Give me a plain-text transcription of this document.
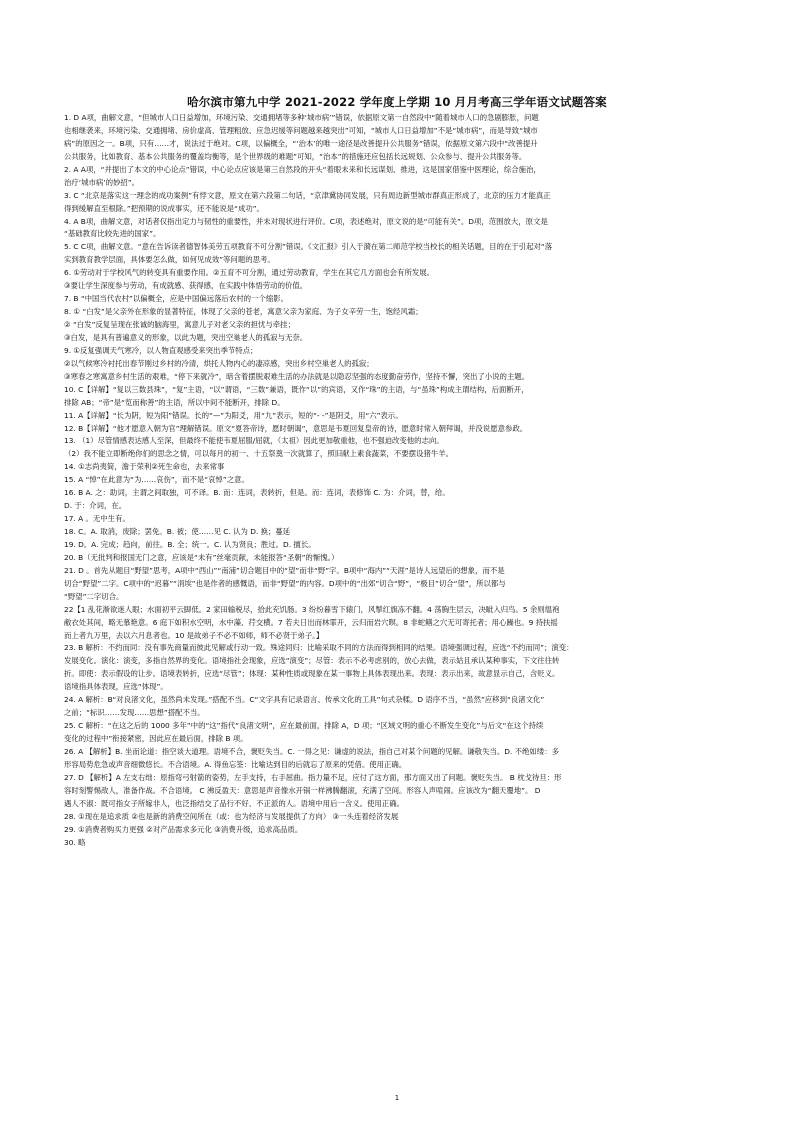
哈尔滨市第九中学 2021-2022 学年度上学期 10 月月考高三学年语文试题答案
1. D A项，曲解文意，“但城市人口日益增加，环境污染、交通拥堵等多种‘城市病’”错误，依据原文第一自然段中“随着城市人口的急剧膨胀，问题
也相继袭来，环境污染、交通拥堵、房价虚高、管理粗放、应急迟缓等问题越来越突出”可知，“城市人口日益增加”不是“城市病”，而是导致“城市
病”的原因之一。B项，只有……才，说法过于绝对。C项，以偏概全，“‘治本’的唯一途径是改善提升公共服务”错误，依据原文第六段中“改善提升
公共服务，比如教育、基本公共服务的覆盖均衡等，是个世界级的难题”可知，“治本”的措施还应包括长远规划、公众参与、提升公共服务等。
2. A A项，“并提出了本文的中心论点”错误，中心论点应该是第三自然段的开头“着眼未来和长远谋划、推进，这是国家借鉴中医理论，综合施治，
治疗‘城市病’的妙招”。
3. C “北京是落实这一理念的成功案例”有悖文意，原文在第六段第二句话，“京津冀协同发展，只有周边新型城市群真正形成了，北京的压力才能真正
得到缓解直至根除。”把预期的说成事实，还不能说是“成功”。
4. A B项，曲解文意，对话者仅指出定力与韧性的重要性，并未对现状进行评价。C项，表述绝对，原文说的是“可能有关”。D项，范围放大，原文是
“基础教育比较先进的国家”。
5. C C项，曲解文意。“意在告诉读者德智体美劳五项教育不可分割”错误。《文汇报》引入于漪在第二师范学校当校长的相关话题，目的在于引起对“落
实到教育教学层面，具体要怎么做，如何见成效”等问题的思考。
6. ①劳动对于学校风气的转变具有重要作用。②五育不可分割，通过劳动教育，学生在其它几方面也会有所发展。
③要让学生深度参与劳动，有成就感、获得感，在实践中体悟劳动的价值。
7. B “中国当代农村”以偏概全，应是中国偏远落后农村的一个缩影。
8. ① “白发”是父亲外在形象的显著特征，体现了父亲的苍老，寓意父亲为家庭、为子女辛劳一生，饱经风霜；
② “白发”反复呈现在张诚的脑海里，寓意儿子对老父亲的担忧与牵挂；
③白发，是具有普遍意义的形象，以此为题，突出空巢老人的孤寂与无奈。
9. ①反复强调天气寒冷，以人物直观感受来突出季节特点；
②以气候寒冷衬托出春节刚过乡村的冷清，烘托人物内心的凄凉感，突出乡村空巢老人的孤寂；
③寒春之寒寓意乡村生活的艰难，“停下来就冷”，暗含着摆脱艰难生活的办法就是以隐忍坚强的态度勤奋劳作，坚持不懈，突出了小说的主题。
10. C【详解】“复以三数县珠”，“复”主语，“以”谓语，“三数”兼语，既作“以”的宾语，又作“珠”的主语，与“虽珠”构成主谓结构，后面断开，
排除 AB；“帝”是“览而称善”的主语，所以中间不能断开，排除 D。
11. A【详解】“长为阴，短为阳”错误。长的“—”为阳爻，用“九”表示，短的“- -”是阴爻，用“六”表示。
12. B【详解】“他才愿意入朝为官”理解错误。原文“夏答帝诗，愿时朝谒”，意思是韦夏回复皇帝的诗，愿意时常入朝拜谒，并没说愿意参政。
13. （1）尽管情感表达感人至深，但最终不能使韦夏屈服/屈就，（太祖）因此更加敬重他，也不强迫改变他的志向。
（2）我不能立即断绝你们的思念之情，可以每月的初一、十五祭奠一次就算了，照旧献上素食蔬菜，不要摆设猪牛羊。
14. ①志尚夷简，澹于荣利②死生命也，去来常事
15. A “悼”在此意为“为……哀伤”，而不是“哀悼”之意。
16. B A. 之：助词，主谓之间取独，可不译。B. 而：连词，表转折，但是。而：连词，表修饰 C. 为：介词，替，给。
D. 于：介词，在。
17. A 。无中生有。
18. C。A. 取消，废除；罢免。B. 被；使……见 C. 认为 D. 换；蔓延
19. D。A. 完成；趋向，前往。B. 全；统一。C. 认为贤良；胜过。D. 擅长。
20. B（无批判和报国无门之意，应该是“未有”丝毫贡献，未能报答“圣朝”的惭愧。）
21. D 。首先从题目“野望”思考，A项中“西山”“南浦”切合题目中的“望”而非“野”字。B项中“海内”“天涯”是诗人远望后的想象，而不是
切合“野望”二字。C项中的“迟暮”“涓埃”也是作者的感慨语，而非“野望”的内容。D项中的“出郊”切合“野”，“极目”切合“望”，所以都与
“野望”二字切合。
22【1 乱花渐欲迷人眼；水面初平云脚低。2 家田输税尽，拾此充饥肠。3 纷纷暮雪下辕门，风掣红旗冻不翻。4 荡胸生层云，决眦入归鸟。5 余则缊袍
敝衣处其间，略无慕艳意。6 庭下如积水空明，水中藻、荇交横。7 若夫日出而林霏开，云归而岩穴暝。8 非蛇鳝之穴无可寄托者；用心躁也。9 持扶摇
而上者九万里，去以六月息者也。10 是故弟子不必不如师，师不必贤于弟子。】
23. B 解析：不约而同：没有事先商量而彼此见解或行动一致。殊途同归：比喻采取不同的方法而得到相同的结果。语境强调过程，应选“不约而同”；演变：
发展变化。演化：演变，多指自然界的变化。语境指社会现象，应选“演变”；尽管：表示不必考虑别的，放心去做，表示姑且承认某种事实，下文往往转
折。即使：表示假设的让步。语境表转折，应选“尽管”；体现：某种性质或现象在某一事物上具体表现出来。表现：表示出来，故意显示自己，含贬义。
语境指具体表现，应选“体现”。
24. A 解析：B“对良渚文化，虽然尚未发现。”搭配不当。C“文字具有记录语言、传承文化的工具”句式杂糅。D 语序不当，“虽然”应移到“良渚文化”
之前；“标识……发现……思想”搭配不当。
25. C 解析：“在这之后的 1000 多年”中的“这”指代“良渚文明”，应在最前面，排除 A，D 项；“区域文明的重心不断发生变化”与后文“在这个持续
变化的过程中”衔接紧密，因此应在最后面，排除 B 项。
26. A 【解析】B. 坐而论道：指空谈大道理。语境不合，褒贬失当。C. 一得之见：谦虚的说法，指自己对某个问题的见解。谦敬失当。D. 不绝如缕：多
形容局势危急或声音细微悠长。不合语境。A. 得鱼忘筌：比喻达到目的后就忘了原来的凭借。使用正确。
27. D 【解析】A 左支右绌：原指弯弓射箭的姿势，左手支持，右手屈曲。指力量不足，应付了这方面，那方面又出了问题。褒贬失当。 B 枕戈待旦：形
容时刻警惕敌人，准备作战。不合语境。 C 沸反盈天：意思是声音像水开锅一样沸腾翻滚，充满了空间。形容人声喧闹。应该改为“翻天覆地”。 D
遇人不淑：既可指女子所嫁非人，也泛指结交了品行不好、不正派的人。语境中用后一含义。使用正确。
28. ①现在是追求质 ②也是新的消费空间所在（或：也为经济与发展提供了方向） ③一头连着经济发展
29. ①消费者购买力更强 ②对产品需求多元化 ③消费升级，追求高品质。
30. 略
1
